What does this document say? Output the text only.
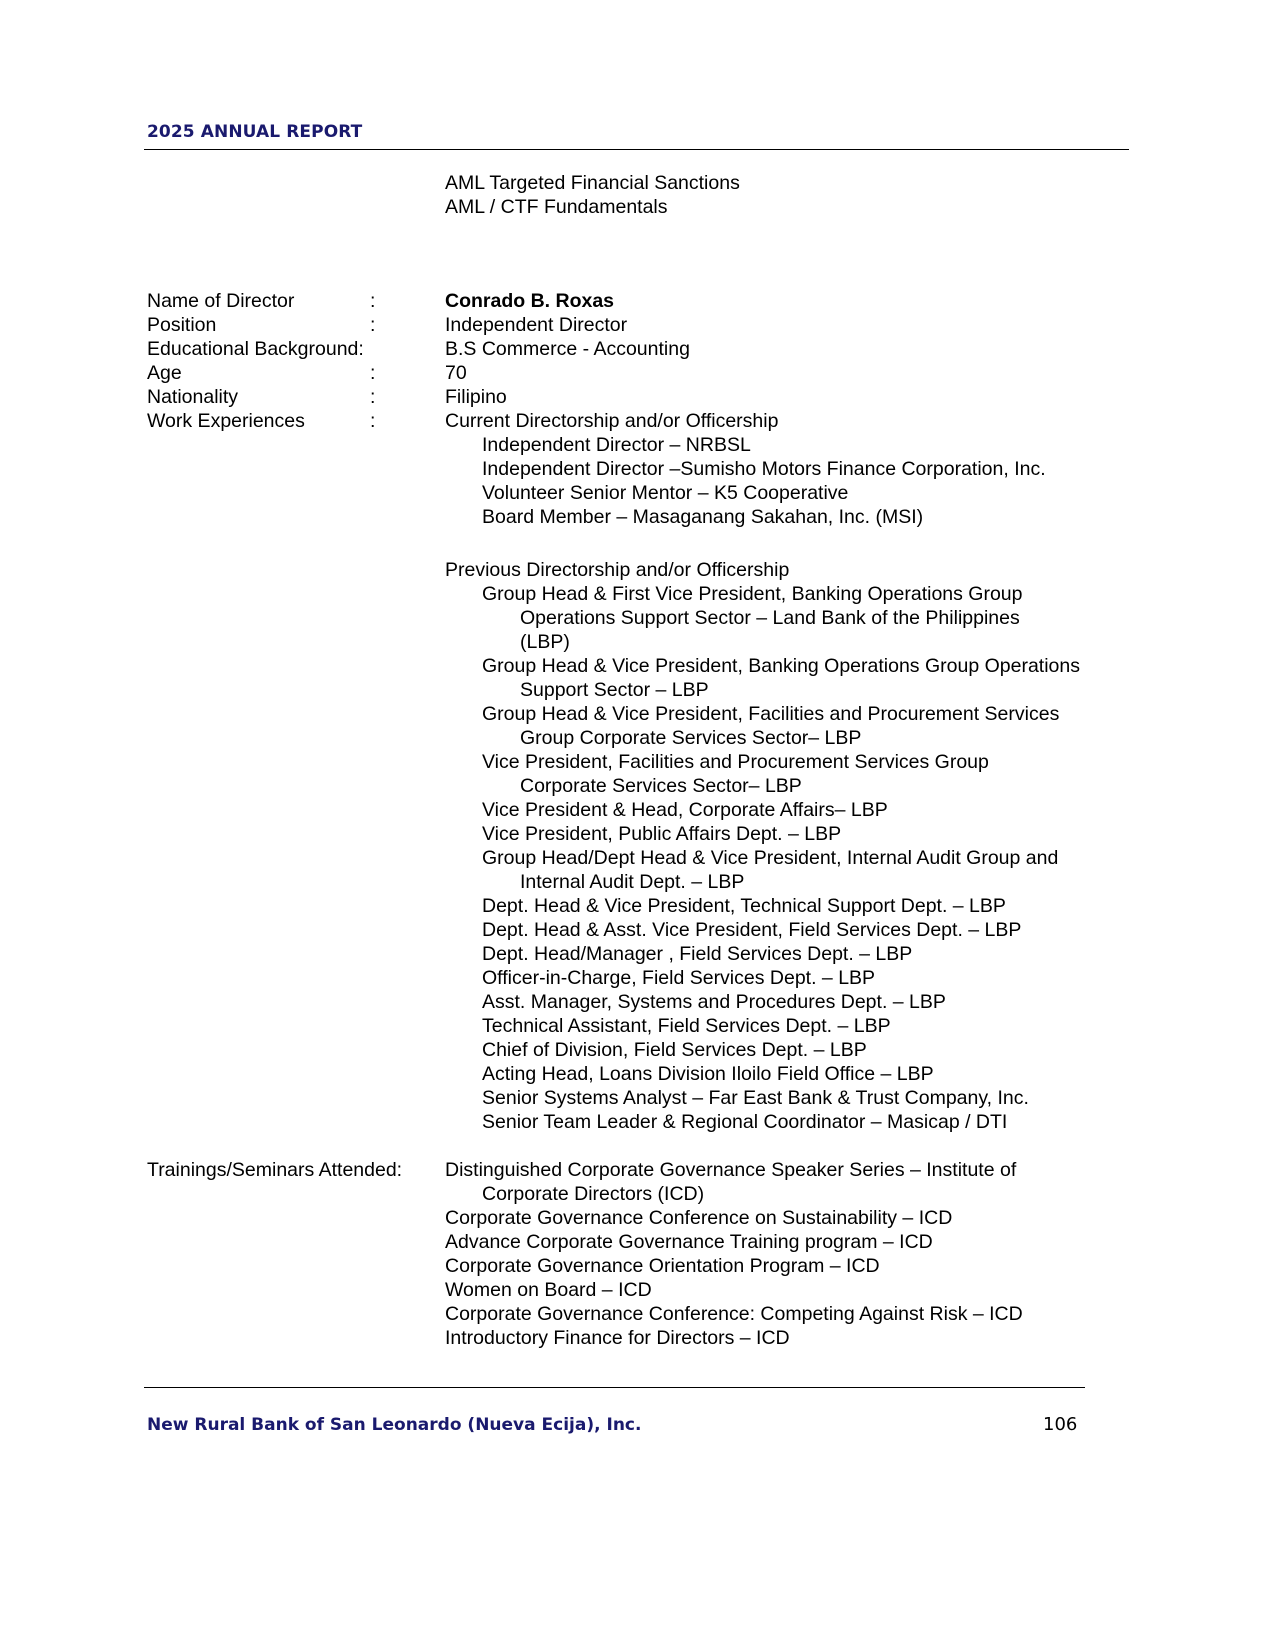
2025 ANNUAL REPORT
AML Targeted Financial Sanctions
AML / CTF Fundamentals
Name of Director	:	Conrado B. Roxas
Position	:	Independent Director
Educational Background:	B.S Commerce - Accounting
Age	:	70
Nationality	:	Filipino
Work Experiences	:	Current Directorship and/or Officership
Independent Director – NRBSL
Independent Director –Sumisho Motors Finance Corporation, Inc.
Volunteer Senior Mentor – K5 Cooperative
Board Member – Masaganang Sakahan, Inc. (MSI)
Previous Directorship and/or Officership
Group Head & First Vice President, Banking Operations Group
Operations Support Sector – Land Bank of the Philippines
(LBP)
Group Head & Vice President, Banking Operations Group Operations
Support Sector – LBP
Group Head & Vice President, Facilities and Procurement Services
Group Corporate Services Sector– LBP
Vice President, Facilities and Procurement Services Group
Corporate Services Sector– LBP
Vice President & Head, Corporate Affairs– LBP
Vice President, Public Affairs Dept. – LBP
Group Head/Dept Head & Vice President, Internal Audit Group and
Internal Audit Dept. – LBP
Dept. Head & Vice President, Technical Support Dept. – LBP
Dept. Head & Asst. Vice President, Field Services Dept. – LBP
Dept. Head/Manager , Field Services Dept. – LBP
Officer-in-Charge, Field Services Dept. – LBP
Asst. Manager, Systems and Procedures Dept. – LBP
Technical Assistant, Field Services Dept. – LBP
Chief of Division, Field Services Dept. – LBP
Acting Head, Loans Division Iloilo Field Office – LBP
Senior Systems Analyst – Far East Bank & Trust Company, Inc.
Senior Team Leader & Regional Coordinator – Masicap / DTI
Trainings/Seminars Attended: Distinguished Corporate Governance Speaker Series – Institute of
Corporate Directors (ICD)
Corporate Governance Conference on Sustainability – ICD
Advance Corporate Governance Training program – ICD
Corporate Governance Orientation Program – ICD
Women on Board – ICD
Corporate Governance Conference: Competing Against Risk – ICD
Introductory Finance for Directors – ICD
New Rural Bank of San Leonardo (Nueva Ecija), Inc.	106
